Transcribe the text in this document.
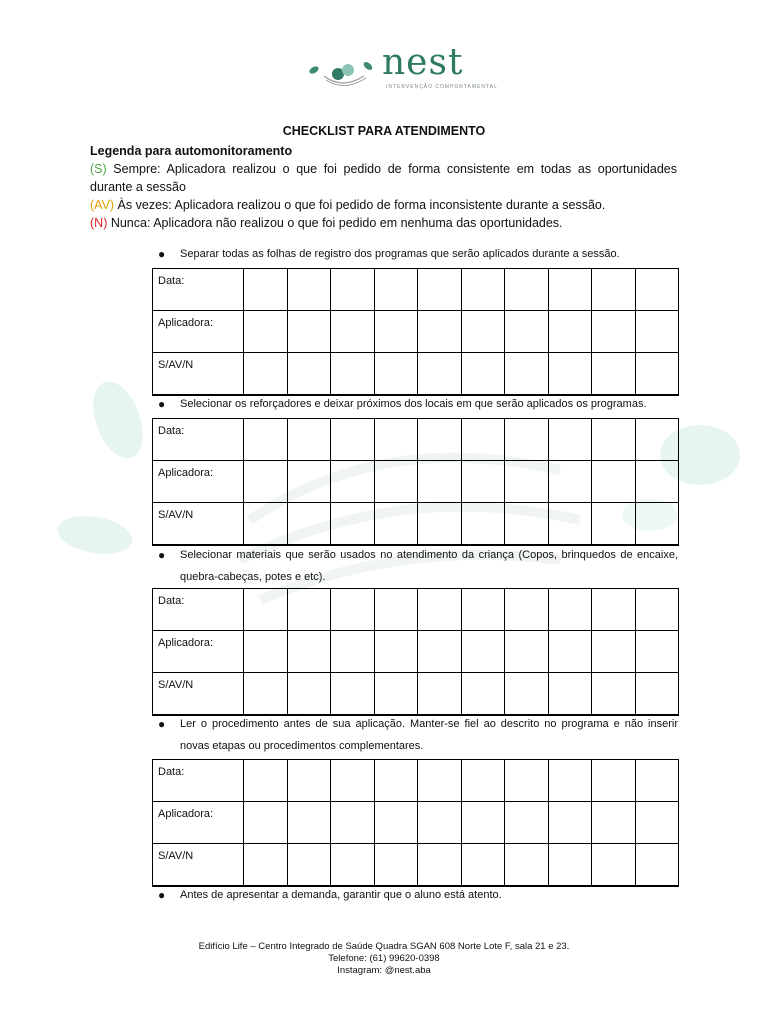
nest
INTERVENÇÃO COMPORTAMENTAL
CHECKLIST PARA ATENDIMENTO
Legenda para automonitoramento
(S) Sempre: Aplicadora realizou o que foi pedido de forma consistente em todas as oportunidades durante a sessão
(AV) Às vezes: Aplicadora realizou o que foi pedido de forma inconsistente durante a sessão.
(N) Nunca: Aplicadora não realizou o que foi pedido em nenhuma das oportunidades.
● Separar todas as folhas de registro dos programas que serão aplicados durante a sessão.
Data:										
Aplicadora:										
S/AV/N										
● Selecionar os reforçadores e deixar próximos dos locais em que serão aplicados os programas.
Data:										
Aplicadora:										
S/AV/N										
● Selecionar materiais que serão usados no atendimento da criança (Copos, brinquedos de encaixe, quebra-cabeças, potes e etc).
Data:										
Aplicadora:										
S/AV/N										
● Ler o procedimento antes de sua aplicação. Manter-se fiel ao descrito no programa e não inserir novas etapas ou procedimentos complementares.
Data:										
Aplicadora:										
S/AV/N										
● Antes de apresentar a demanda, garantir que o aluno está atento.
Edifício Life – Centro Integrado de Saúde Quadra SGAN 608 Norte Lote F, sala 21 e 23.
Telefone: (61) 99620-0398
Instagram: @nest.aba
